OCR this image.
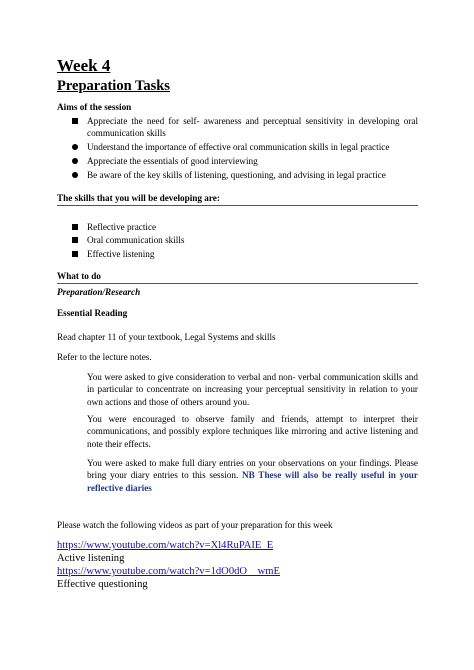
Week 4
Preparation Tasks
Aims of the session
Appreciate the need for self- awareness and perceptual sensitivity in developing oral communication skills
Understand the importance of effective oral communication skills in legal practice
Appreciate the essentials of good interviewing
Be aware of the key skills of listening, questioning, and advising in legal practice
The skills that you will be developing are:
Reflective practice
Oral communication skills
Effective listening
What to do
Preparation/Research
Essential Reading
Read chapter 11 of your textbook, Legal Systems and skills
Refer to the lecture notes.
You were asked to give consideration to verbal and non- verbal communication skills and in particular to concentrate on increasing your perceptual sensitivity in relation to your own actions and those of others around you.
You were encouraged to observe family and friends, attempt to interpret their communications, and possibly explore techniques like mirroring and active listening and note their effects.
You were asked to make full diary entries on your observations on your findings. Please bring your diary entries to this session. NB These will also be really useful in your reflective diaries
Please watch the following videos as part of your preparation for this week
https://www.youtube.com/watch?v=Xl4RuPAIE_E
Active listening
https://www.youtube.com/watch?v=1dO0dO__wmE
Effective questioning
